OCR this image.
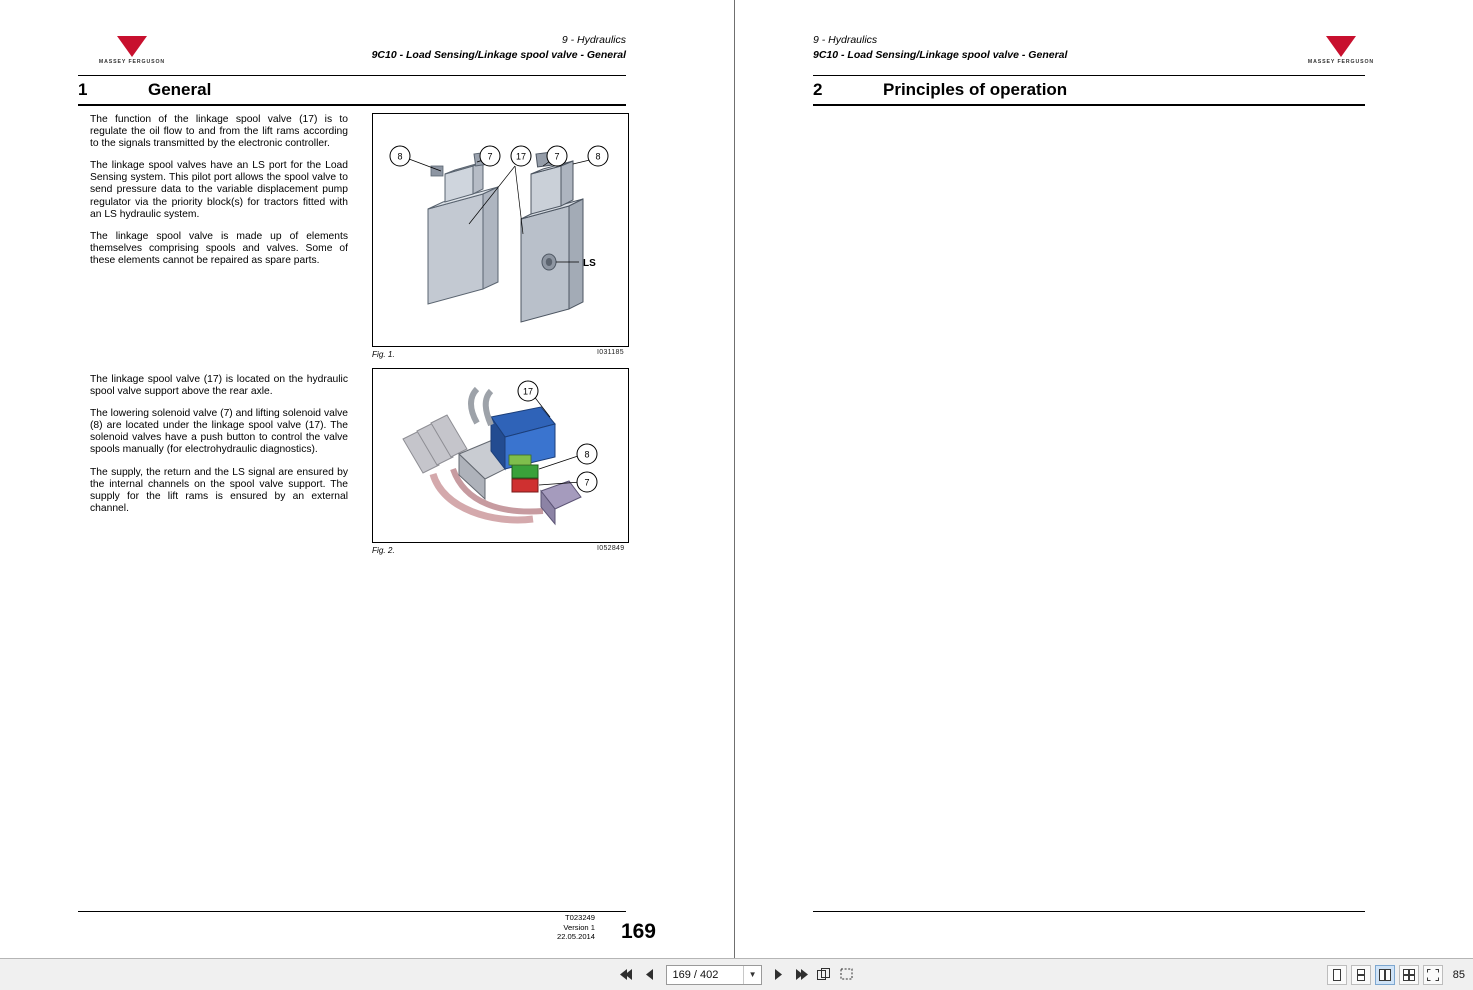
MASSEY FERGUSON
9 - Hydraulics
9C10 - Load Sensing/Linkage spool valve - General
1	General

The function of the linkage spool valve (17) is to regulate the oil flow to and from the lift rams according to the signals transmitted by the electronic controller.

The linkage spool valves have an LS port for the Load Sensing system. This pilot port allows the spool valve to send pressure data to the variable displacement pump regulator via the priority block(s) for tractors fitted with an LS hydraulic system.

The linkage spool valve is made up of elements themselves comprising spools and valves. Some of these elements cannot be repaired as spare parts.

The linkage spool valve (17) is located on the hydraulic spool valve support above the rear axle.

The lowering solenoid valve (7) and lifting solenoid valve (8) are located under the linkage spool valve (17). The solenoid valves have a push button to control the valve spools manually (for electrohydraulic diagnostics).

The supply, the return and the LS signal are ensured by the internal channels on the spool valve support. The supply for the lift rams is ensured by an external channel.

LS
8	7	17	7	8
Fig. 1.	I031185
17
8
7
Fig. 2.	I052849
T023249
Version 1
22.05.2014 169
MASSEY FERGUSON
9 - Hydraulics
9C10 - Load Sensing/Linkage spool valve - General
2	Principles of operation
169 / 402	▼	85
